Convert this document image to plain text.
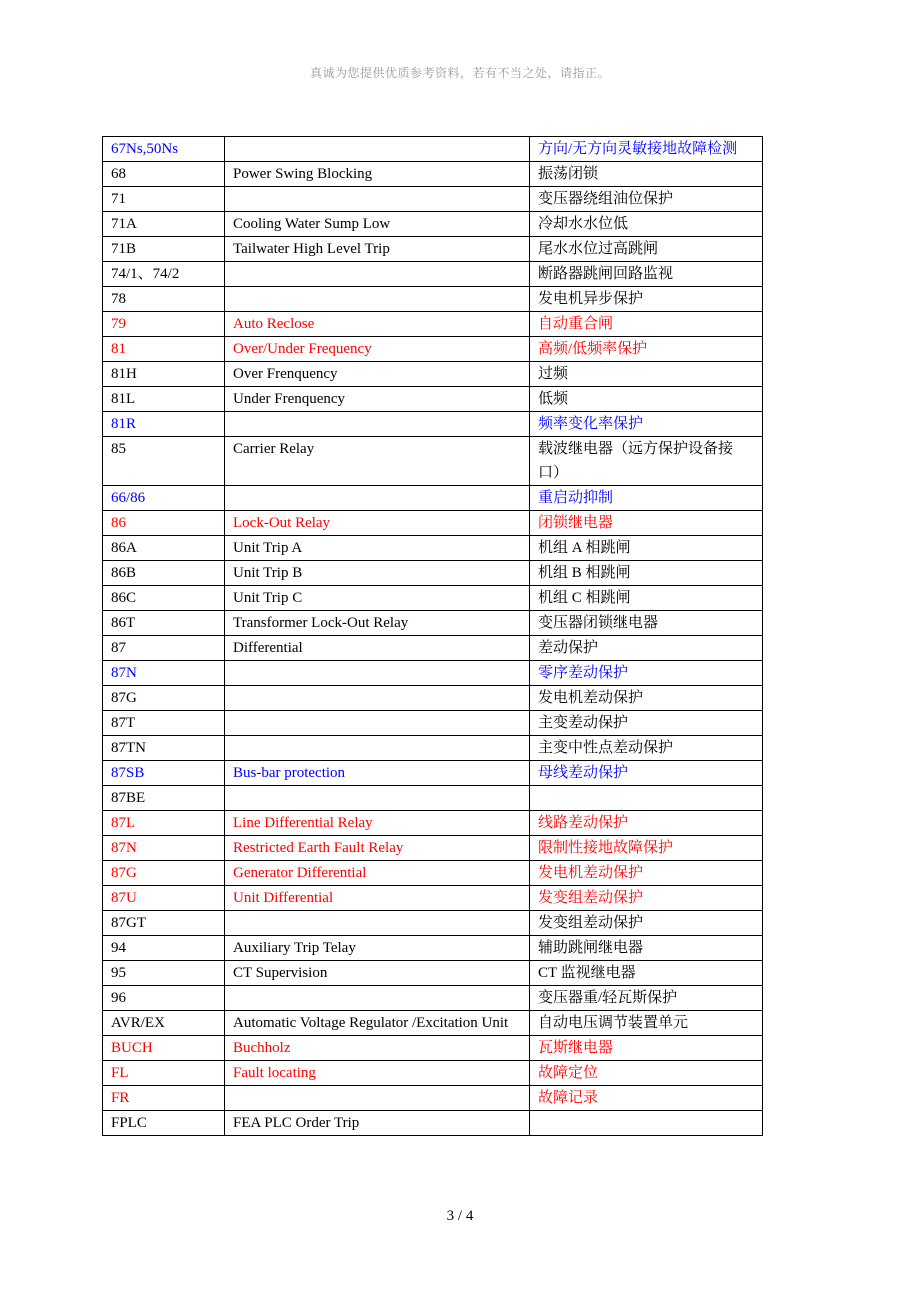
真诚为您提供优质参考资料，若有不当之处，请指正。
67Ns,50Ns		方向/无方向灵敏接地故障检测
68	Power Swing Blocking	振荡闭锁
71		变压器绕组油位保护
71A	Cooling Water Sump Low	冷却水水位低
71B	Tailwater High Level Trip	尾水水位过高跳闸
74/1、74/2		断路器跳闸回路监视
78		发电机异步保护
79	Auto Reclose	自动重合闸
81	Over/Under Frequency	高频/低频率保护
81H	Over Frenquency	过频
81L	Under Frenquency	低频
81R		频率变化率保护
85	Carrier Relay	载波继电器（远方保护设备接口）
66/86		重启动抑制
86	Lock-Out Relay	闭锁继电器
86A	Unit Trip A	机组 A 相跳闸
86B	Unit Trip B	机组 B 相跳闸
86C	Unit Trip C	机组 C 相跳闸
86T	Transformer Lock-Out Relay	变压器闭锁继电器
87	Differential	差动保护
87N		零序差动保护
87G		发电机差动保护
87T		主变差动保护
87TN		主变中性点差动保护
87SB	Bus-bar protection	母线差动保护
87BE		
87L	Line Differential Relay	线路差动保护
87N	Restricted Earth Fault Relay	限制性接地故障保护
87G	Generator Differential	发电机差动保护
87U	Unit Differential	发变组差动保护
87GT		发变组差动保护
94	Auxiliary Trip Telay	辅助跳闸继电器
95	CT Supervision	CT 监视继电器
96		变压器重/轻瓦斯保护
AVR/EX	Automatic Voltage Regulator /Excitation Unit	自动电压调节装置单元
BUCH	Buchholz	瓦斯继电器
FL	Fault locating	故障定位
FR		故障记录
FPLC	FEA PLC Order Trip	
3 / 4
